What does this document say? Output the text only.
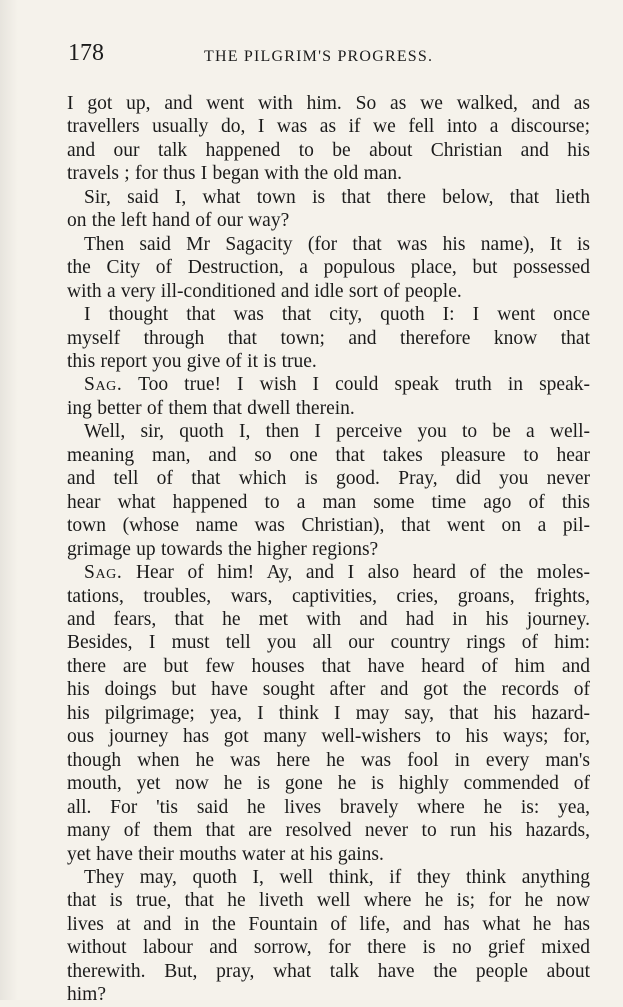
178	THE PILGRIM'S PROGRESS.
I got up, and went with him. So as we walked, and as
travellers usually do, I was as if we fell into a discourse;
and our talk happened to be about Christian and his
travels ; for thus I began with the old man.
Sir, said I, what town is that there below, that lieth
on the left hand of our way?
Then said Mr Sagacity (for that was his name), It is
the City of Destruction, a populous place, but possessed
with a very ill-conditioned and idle sort of people.
I thought that was that city, quoth I: I went once
myself through that town; and therefore know that
this report you give of it is true.
Sag. Too true! I wish I could speak truth in speak-
ing better of them that dwell therein.
Well, sir, quoth I, then I perceive you to be a well-
meaning man, and so one that takes pleasure to hear
and tell of that which is good. Pray, did you never
hear what happened to a man some time ago of this
town (whose name was Christian), that went on a pil-
grimage up towards the higher regions?
Sag. Hear of him! Ay, and I also heard of the moles-
tations, troubles, wars, captivities, cries, groans, frights,
and fears, that he met with and had in his journey.
Besides, I must tell you all our country rings of him:
there are but few houses that have heard of him and
his doings but have sought after and got the records of
his pilgrimage; yea, I think I may say, that his hazard-
ous journey has got many well-wishers to his ways; for,
though when he was here he was fool in every man's
mouth, yet now he is gone he is highly commended of
all. For 'tis said he lives bravely where he is: yea,
many of them that are resolved never to run his hazards,
yet have their mouths water at his gains.
They may, quoth I, well think, if they think anything
that is true, that he liveth well where he is; for he now
lives at and in the Fountain of life, and has what he has
without labour and sorrow, for there is no grief mixed
therewith. But, pray, what talk have the people about
him?
